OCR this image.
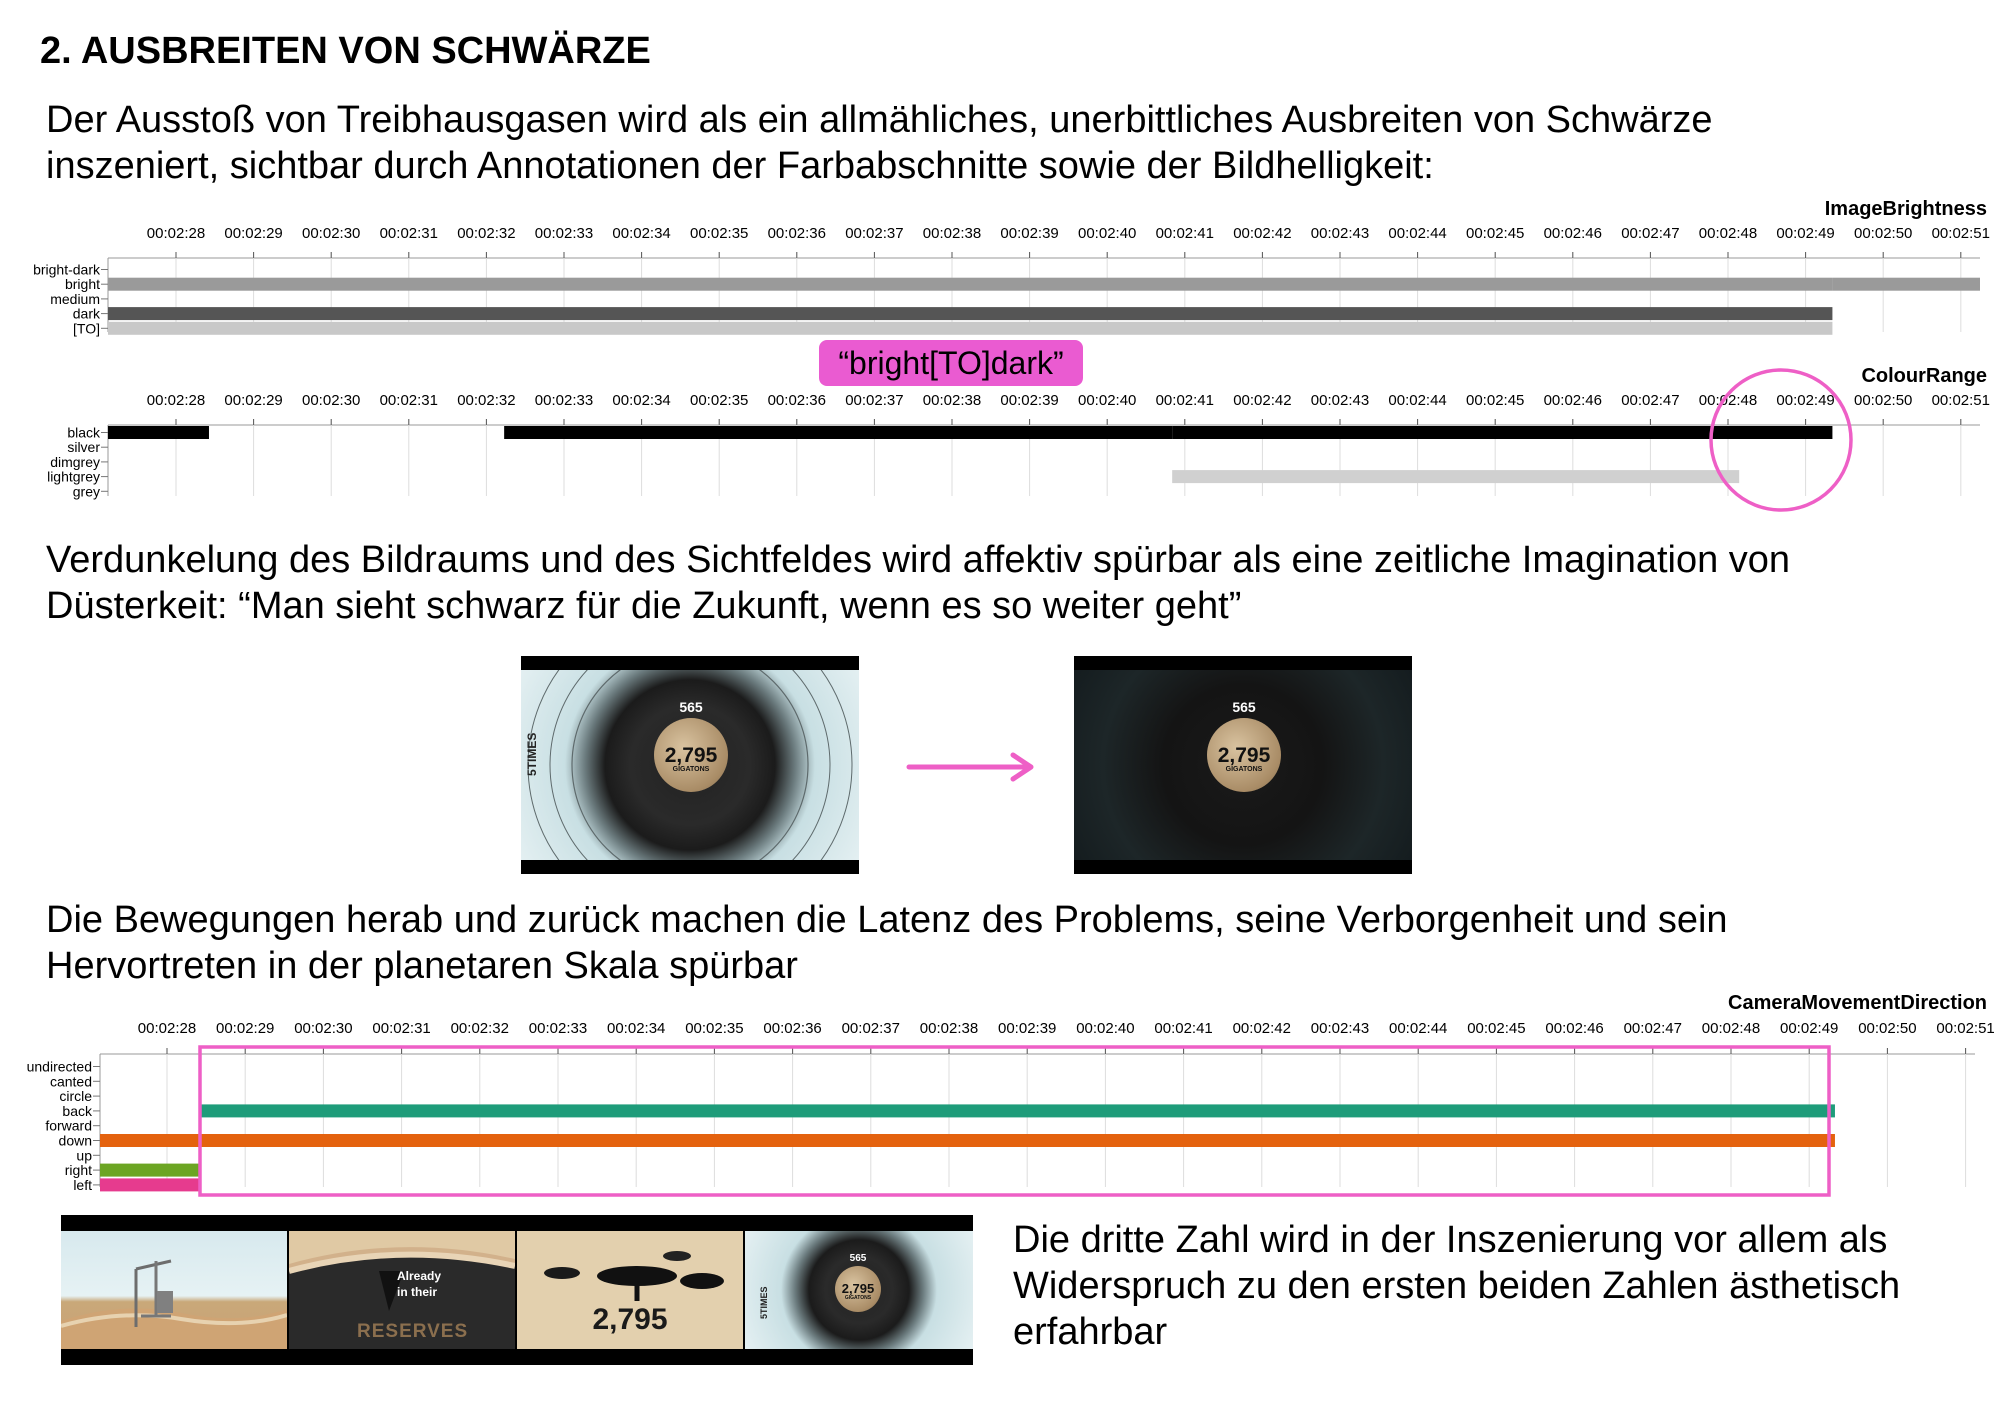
2. AUSBREITEN VON SCHWÄRZE

Der Ausstoß von Treibhausgasen wird als ein allmähliches, unerbittliches Ausbreiten von Schwärze
inszeniert, sichtbar durch Annotationen der Farbabschnitte sowie der Bildhelligkeit:

ImageBrightness
00:02:28 00:02:29 00:02:30 00:02:31 00:02:32 00:02:33 00:02:34 00:02:35 00:02:36 00:02:37 00:02:38 00:02:39 00:02:40 00:02:41 00:02:42 00:02:43 00:02:44 00:02:45 00:02:46 00:02:47 00:02:48 00:02:49 00:02:50 00:02:51
bright-dark
bright
medium
dark
[TO]
“bright[TO]dark”	ColourRange
00:02:28 00:02:29 00:02:30 00:02:31 00:02:32 00:02:33 00:02:34 00:02:35 00:02:36 00:02:37 00:02:38 00:02:39 00:02:40 00:02:41 00:02:42 00:02:43 00:02:44 00:02:45 00:02:46 00:02:47 00:02:48 00:02:49 00:02:50 00:02:51
black
silver
dimgrey
lightgrey
grey

Verdunkelung des Bildraums und des Sichtfeldes wird affektiv spürbar als eine zeitliche Imagination von
Düsterkeit: “Man sieht schwarz für die Zukunft, wenn es so weiter geht”

565
2,795
GIGATONS
5TIMES
565
2,795
GIGATONS

Die Bewegungen herab und zurück machen die Latenz des Problems, seine Verborgenheit und sein
Hervortreten in der planetaren Skala spürbar

CameraMovementDirection
00:02:28 00:02:29 00:02:30 00:02:31 00:02:32 00:02:33 00:02:34 00:02:35 00:02:36 00:02:37 00:02:38 00:02:39 00:02:40 00:02:41 00:02:42 00:02:43 00:02:44 00:02:45 00:02:46 00:02:47 00:02:48 00:02:49 00:02:50 00:02:51
undirected
canted
circle
back
forward
down
up
right
left
Already
in their
RESERVES	2,795
565
2,795
GIGATONS
5TIMES

Die dritte Zahl wird in der Inszenierung vor allem als
Widerspruch zu den ersten beiden Zahlen ästhetisch
erfahrbar
